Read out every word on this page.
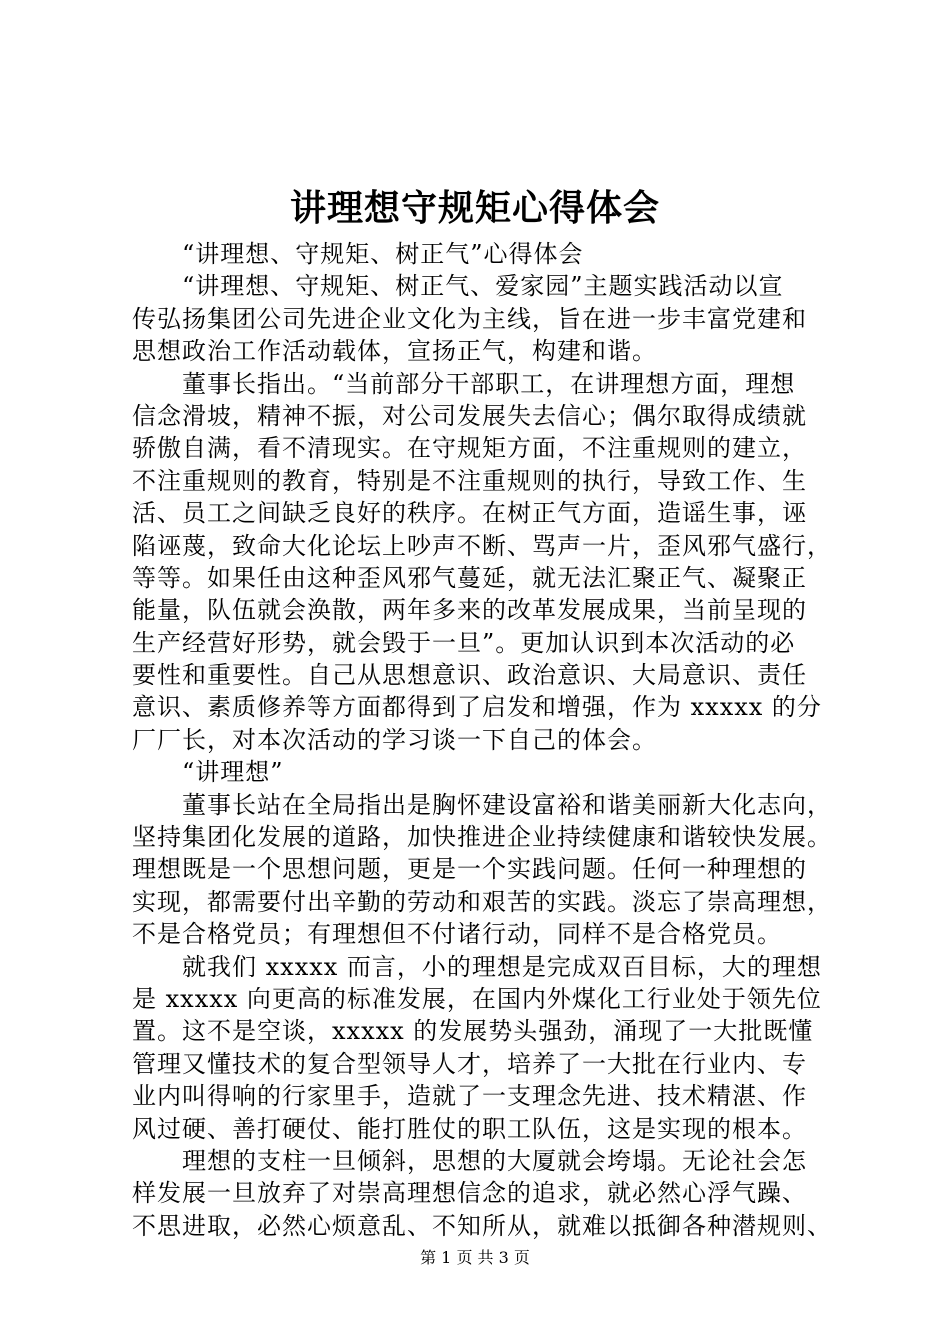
讲理想守规矩心得体会
“讲理想、守规矩、树正气”心得体会
“讲理想、守规矩、树正气、爱家园”主题实践活动以宣
传弘扬集团公司先进企业文化为主线，旨在进一步丰富党建和
思想政治工作活动载体，宣扬正气，构建和谐。
董事长指出。“当前部分干部职工，在讲理想方面，理想
信念滑坡，精神不振，对公司发展失去信心；偶尔取得成绩就
骄傲自满，看不清现实。在守规矩方面，不注重规则的建立，
不注重规则的教育，特别是不注重规则的执行，导致工作、生
活、员工之间缺乏良好的秩序。在树正气方面，造谣生事，诬
陷诬蔑，致命大化论坛上吵声不断、骂声一片，歪风邪气盛行，
等等。如果任由这种歪风邪气蔓延，就无法汇聚正气、凝聚正
能量，队伍就会涣散，两年多来的改革发展成果，当前呈现的
生产经营好形势，就会毁于一旦”。更加认识到本次活动的必
要性和重要性。自己从思想意识、政治意识、大局意识、责任
意识、素质修养等方面都得到了启发和增强，作为 xxxxx 的分
厂厂长，对本次活动的学习谈一下自己的体会。
“讲理想”
董事长站在全局指出是胸怀建设富裕和谐美丽新大化志向，
坚持集团化发展的道路，加快推进企业持续健康和谐较快发展。
理想既是一个思想问题，更是一个实践问题。任何一种理想的
实现，都需要付出辛勤的劳动和艰苦的实践。淡忘了崇高理想，
不是合格党员；有理想但不付诸行动，同样不是合格党员。
就我们 xxxxx 而言，小的理想是完成双百目标，大的理想
是 xxxxx 向更高的标准发展，在国内外煤化工行业处于领先位
置。这不是空谈，xxxxx 的发展势头强劲，涌现了一大批既懂
管理又懂技术的复合型领导人才，培养了一大批在行业内、专
业内叫得响的行家里手，造就了一支理念先进、技术精湛、作
风过硬、善打硬仗、能打胜仗的职工队伍，这是实现的根本。
理想的支柱一旦倾斜，思想的大厦就会垮塌。无论社会怎
样发展一旦放弃了对崇高理想信念的追求，就必然心浮气躁、
不思进取，必然心烦意乱、不知所从，就难以抵御各种潜规则、
第 1 页 共 3 页
